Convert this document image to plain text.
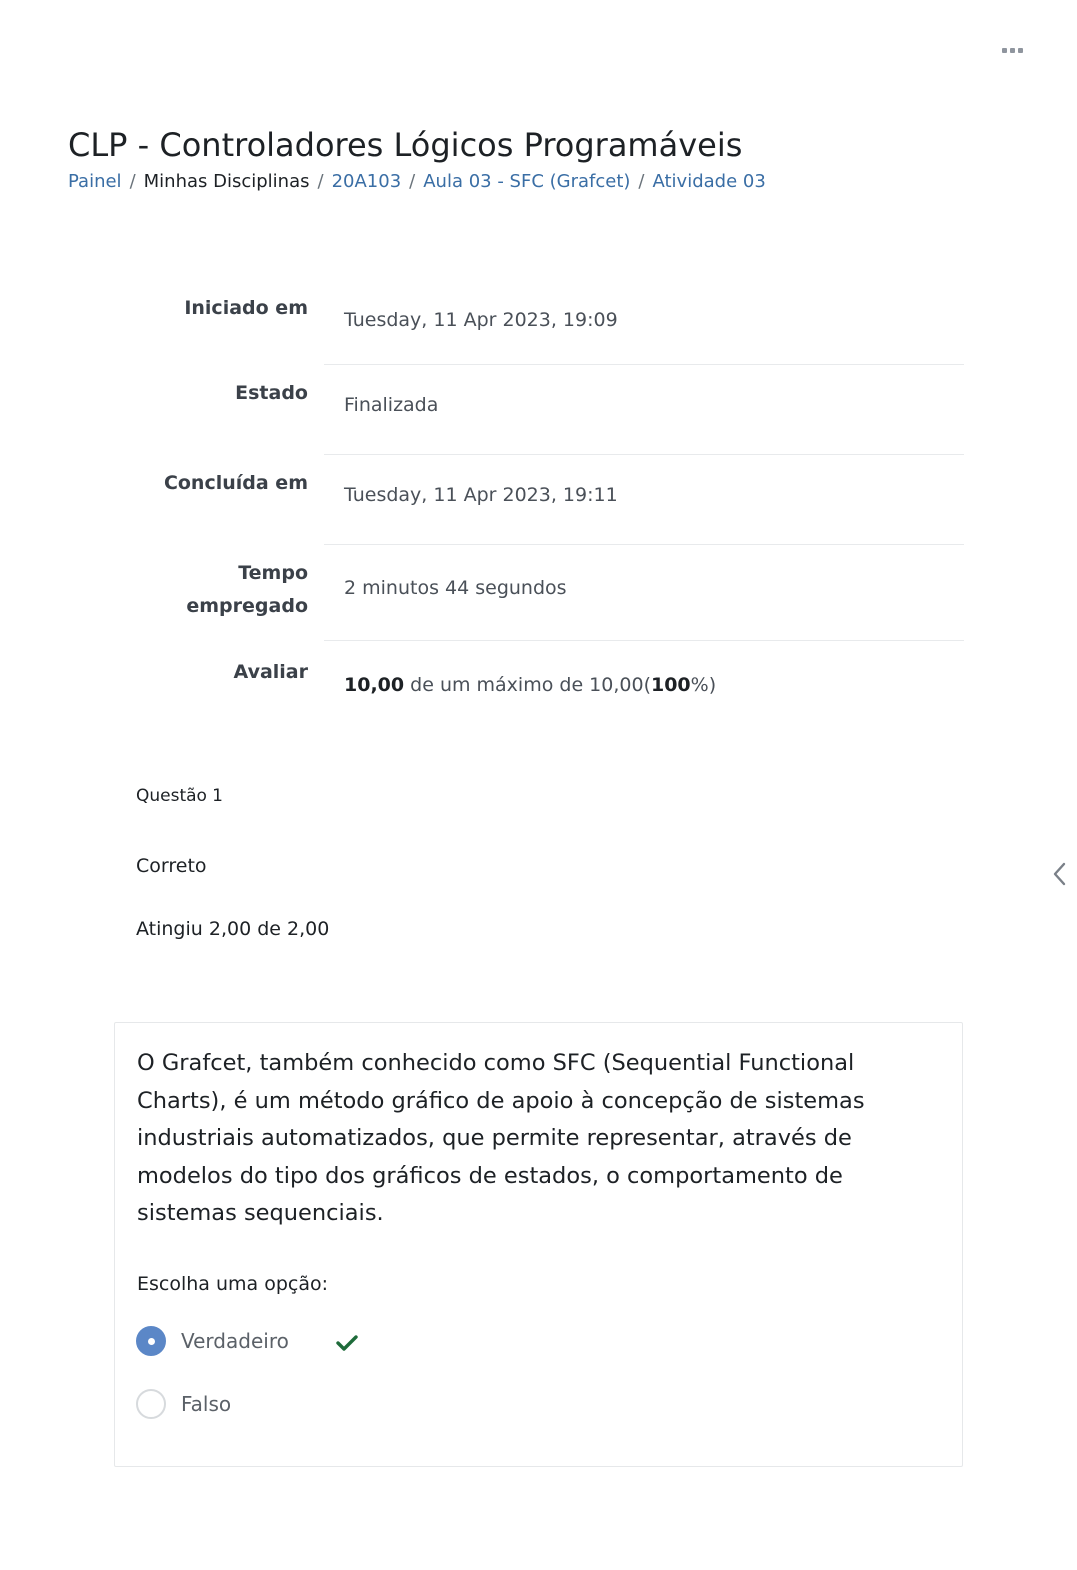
CLP - Controladores Lógicos Programáveis
Painel / Minhas Disciplinas / 20A103 / Aula 03 - SFC (Grafcet) / Atividade 03
Iniciado em
Tuesday, 11 Apr 2023, 19:09
Estado
Finalizada
Concluída em
Tuesday, 11 Apr 2023, 19:11
Tempo
empregado
2 minutos 44 segundos
Avaliar
10,00 de um máximo de 10,00(100%)
Questão 1
Correto
Atingiu 2,00 de 2,00
O Grafcet, também conhecido como SFC (Sequential Functional Charts), é um método gráfico de apoio à concepção de sistemas industriais automatizados, que permite representar, através de modelos do tipo dos gráficos de estados, o comportamento de sistemas sequenciais.
Escolha uma opção:
Verdadeiro
Falso
